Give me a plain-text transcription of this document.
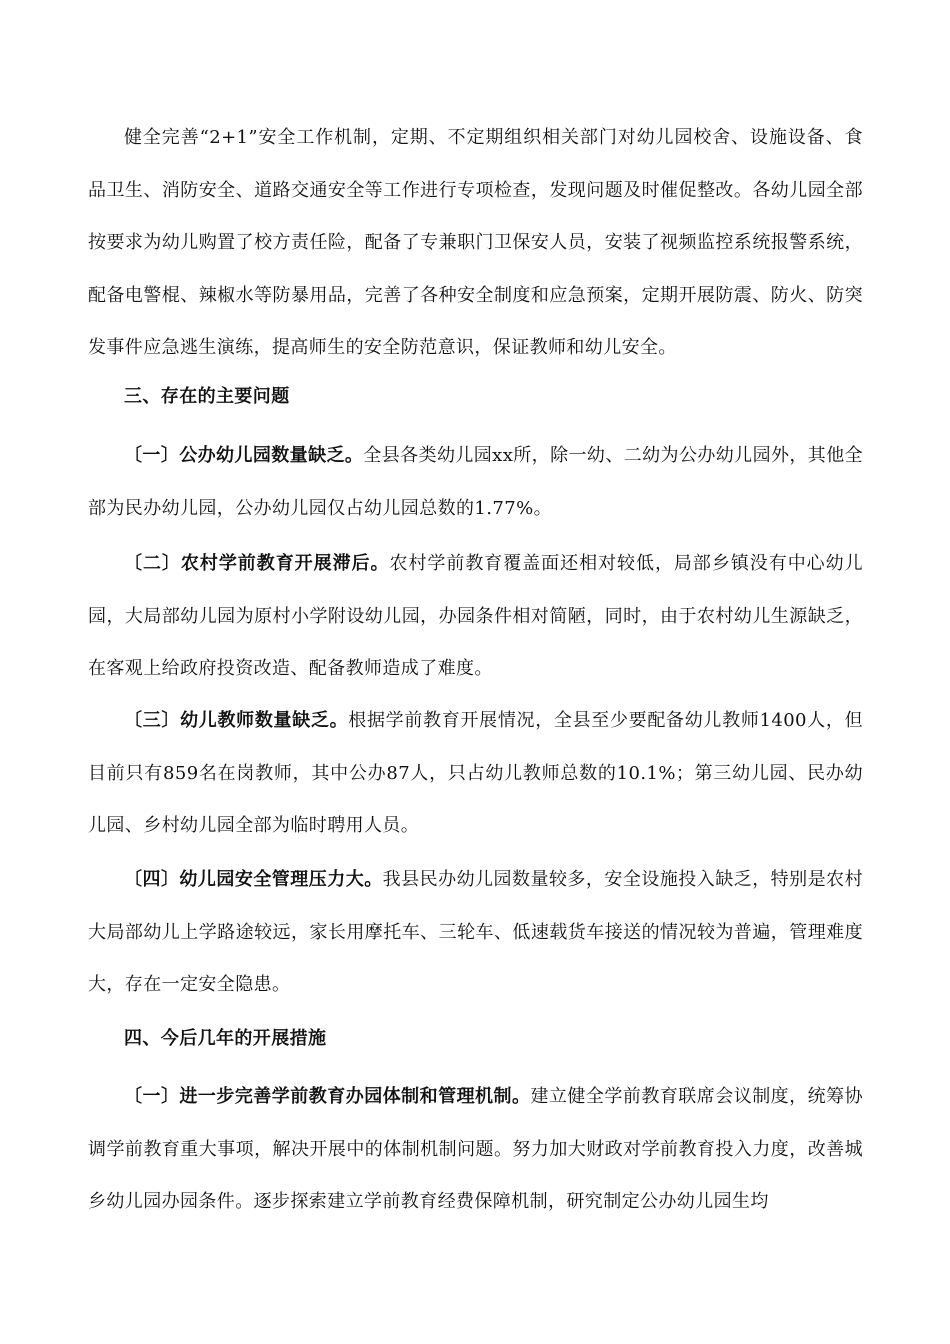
健全完善“2+1”安全工作机制，定期、不定期组织相关部门对幼儿园校舍、设施设备、食品卫生、消防安全、道路交通安全等工作进行专项检查，发现问题及时催促整改。各幼儿园全部按要求为幼儿购置了校方责任险，配备了专兼职门卫保安人员，安装了视频监控系统报警系统，配备电警棍、辣椒水等防暴用品，完善了各种安全制度和应急预案，定期开展防震、防火、防突发事件应急逃生演练，提高师生的安全防范意识，保证教师和幼儿安全。

三、存在的主要问题

〔一〕公办幼儿园数量缺乏。全县各类幼儿园xx所，除一幼、二幼为公办幼儿园外，其他全部为民办幼儿园，公办幼儿园仅占幼儿园总数的1.77%。

〔二〕农村学前教育开展滞后。农村学前教育覆盖面还相对较低，局部乡镇没有中心幼儿园，大局部幼儿园为原村小学附设幼儿园，办园条件相对简陋，同时，由于农村幼儿生源缺乏，在客观上给政府投资改造、配备教师造成了难度。

〔三〕幼儿教师数量缺乏。根据学前教育开展情况，全县至少要配备幼儿教师1400人，但目前只有859名在岗教师，其中公办87人，只占幼儿教师总数的10.1%；第三幼儿园、民办幼儿园、乡村幼儿园全部为临时聘用人员。

〔四〕幼儿园安全管理压力大。我县民办幼儿园数量较多，安全设施投入缺乏，特别是农村大局部幼儿上学路途较远，家长用摩托车、三轮车、低速载货车接送的情况较为普遍，管理难度大，存在一定安全隐患。

四、今后几年的开展措施

〔一〕进一步完善学前教育办园体制和管理机制。建立健全学前教育联席会议制度，统筹协调学前教育重大事项，解决开展中的体制机制问题。努力加大财政对学前教育投入力度，改善城乡幼儿园办园条件。逐步探索建立学前教育经费保障机制，研究制定公办幼儿园生均
